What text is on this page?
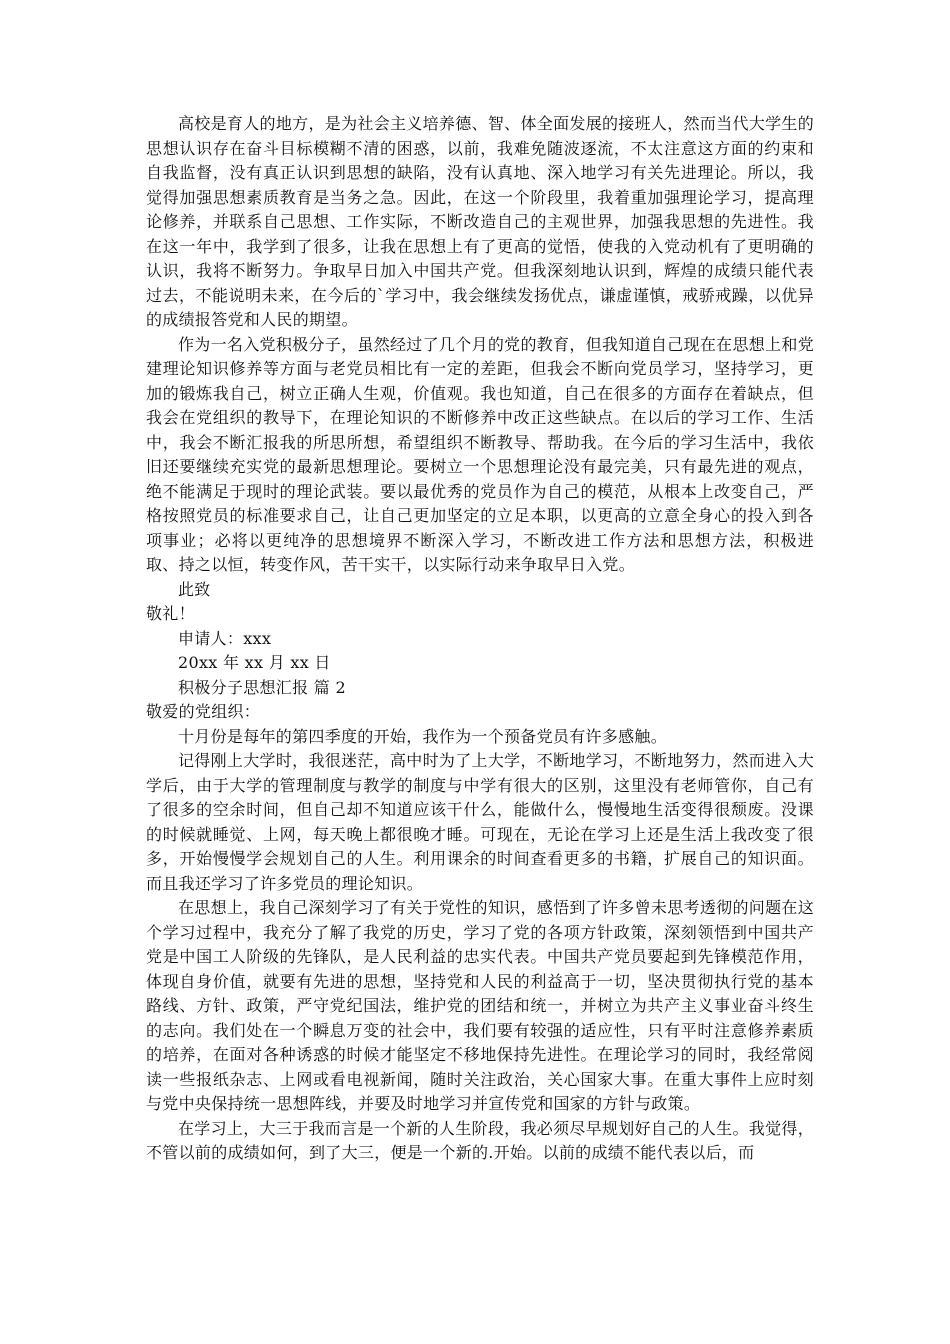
高校是育人的地方，是为社会主义培养德、智、体全面发展的接班人，然而当代大学生的思想认识存在奋斗目标模糊不清的困惑，以前，我难免随波逐流，不太注意这方面的约束和自我监督，没有真正认识到思想的缺陷，没有认真地、深入地学习有关先进理论。所以，我觉得加强思想素质教育是当务之急。因此，在这一个阶段里，我着重加强理论学习，提高理论修养，并联系自己思想、工作实际，不断改造自己的主观世界，加强我思想的先进性。我在这一年中，我学到了很多，让我在思想上有了更高的觉悟，使我的入党动机有了更明确的认识，我将不断努力。争取早日加入中国共产党。但我深刻地认识到，辉煌的成绩只能代表过去，不能说明未来，在今后的`学习中，我会继续发扬优点，谦虚谨慎，戒骄戒躁，以优异的成绩报答党和人民的期望。

作为一名入党积极分子，虽然经过了几个月的党的教育，但我知道自己现在在思想上和党建理论知识修养等方面与老党员相比有一定的差距，但我会不断向党员学习，坚持学习，更加的锻炼我自己，树立正确人生观，价值观。我也知道，自己在很多的方面存在着缺点，但我会在党组织的教导下，在理论知识的不断修养中改正这些缺点。在以后的学习工作、生活中，我会不断汇报我的所思所想，希望组织不断教导、帮助我。在今后的学习生活中，我依旧还要继续充实党的最新思想理论。要树立一个思想理论没有最完美，只有最先进的观点，绝不能满足于现时的理论武装。要以最优秀的党员作为自己的模范，从根本上改变自己，严格按照党员的标准要求自己，让自己更加坚定的立足本职，以更高的立意全身心的投入到各项事业；必将以更纯净的思想境界不断深入学习，不断改进工作方法和思想方法，积极进取、持之以恒，转变作风，苦干实干，以实际行动来争取早日入党。

此致

敬礼！

申请人：xxx

20xx 年 xx 月 xx 日

积极分子思想汇报 篇 2

敬爱的党组织：

十月份是每年的第四季度的开始，我作为一个预备党员有许多感触。

记得刚上大学时，我很迷茫，高中时为了上大学，不断地学习，不断地努力，然而进入大学后，由于大学的管理制度与教学的制度与中学有很大的区别，这里没有老师管你，自己有了很多的空余时间，但自己却不知道应该干什么，能做什么，慢慢地生活变得很颓废。没课的时候就睡觉、上网，每天晚上都很晚才睡。可现在，无论在学习上还是生活上我改变了很多，开始慢慢学会规划自己的人生。利用课余的时间查看更多的书籍，扩展自己的知识面。而且我还学习了许多党员的理论知识。

在思想上，我自己深刻学习了有关于党性的知识，感悟到了许多曾未思考透彻的问题在这个学习过程中，我充分了解了我党的历史，学习了党的各项方针政策，深刻领悟到中国共产党是中国工人阶级的先锋队，是人民利益的忠实代表。中国共产党员要起到先锋模范作用，体现自身价值，就要有先进的思想，坚持党和人民的利益高于一切，坚决贯彻执行党的基本路线、方针、政策，严守党纪国法，维护党的团结和统一，并树立为共产主义事业奋斗终生的志向。我们处在一个瞬息万变的社会中，我们要有较强的适应性，只有平时注意修养素质的培养，在面对各种诱惑的时候才能坚定不移地保持先进性。在理论学习的同时，我经常阅读一些报纸杂志、上网或看电视新闻，随时关注政治，关心国家大事。在重大事件上应时刻与党中央保持统一思想阵线，并要及时地学习并宣传党和国家的方针与政策。

在学习上，大三于我而言是一个新的人生阶段，我必须尽早规划好自己的人生。我觉得，不管以前的成绩如何，到了大三，便是一个新的.开始。以前的成绩不能代表以后，而
